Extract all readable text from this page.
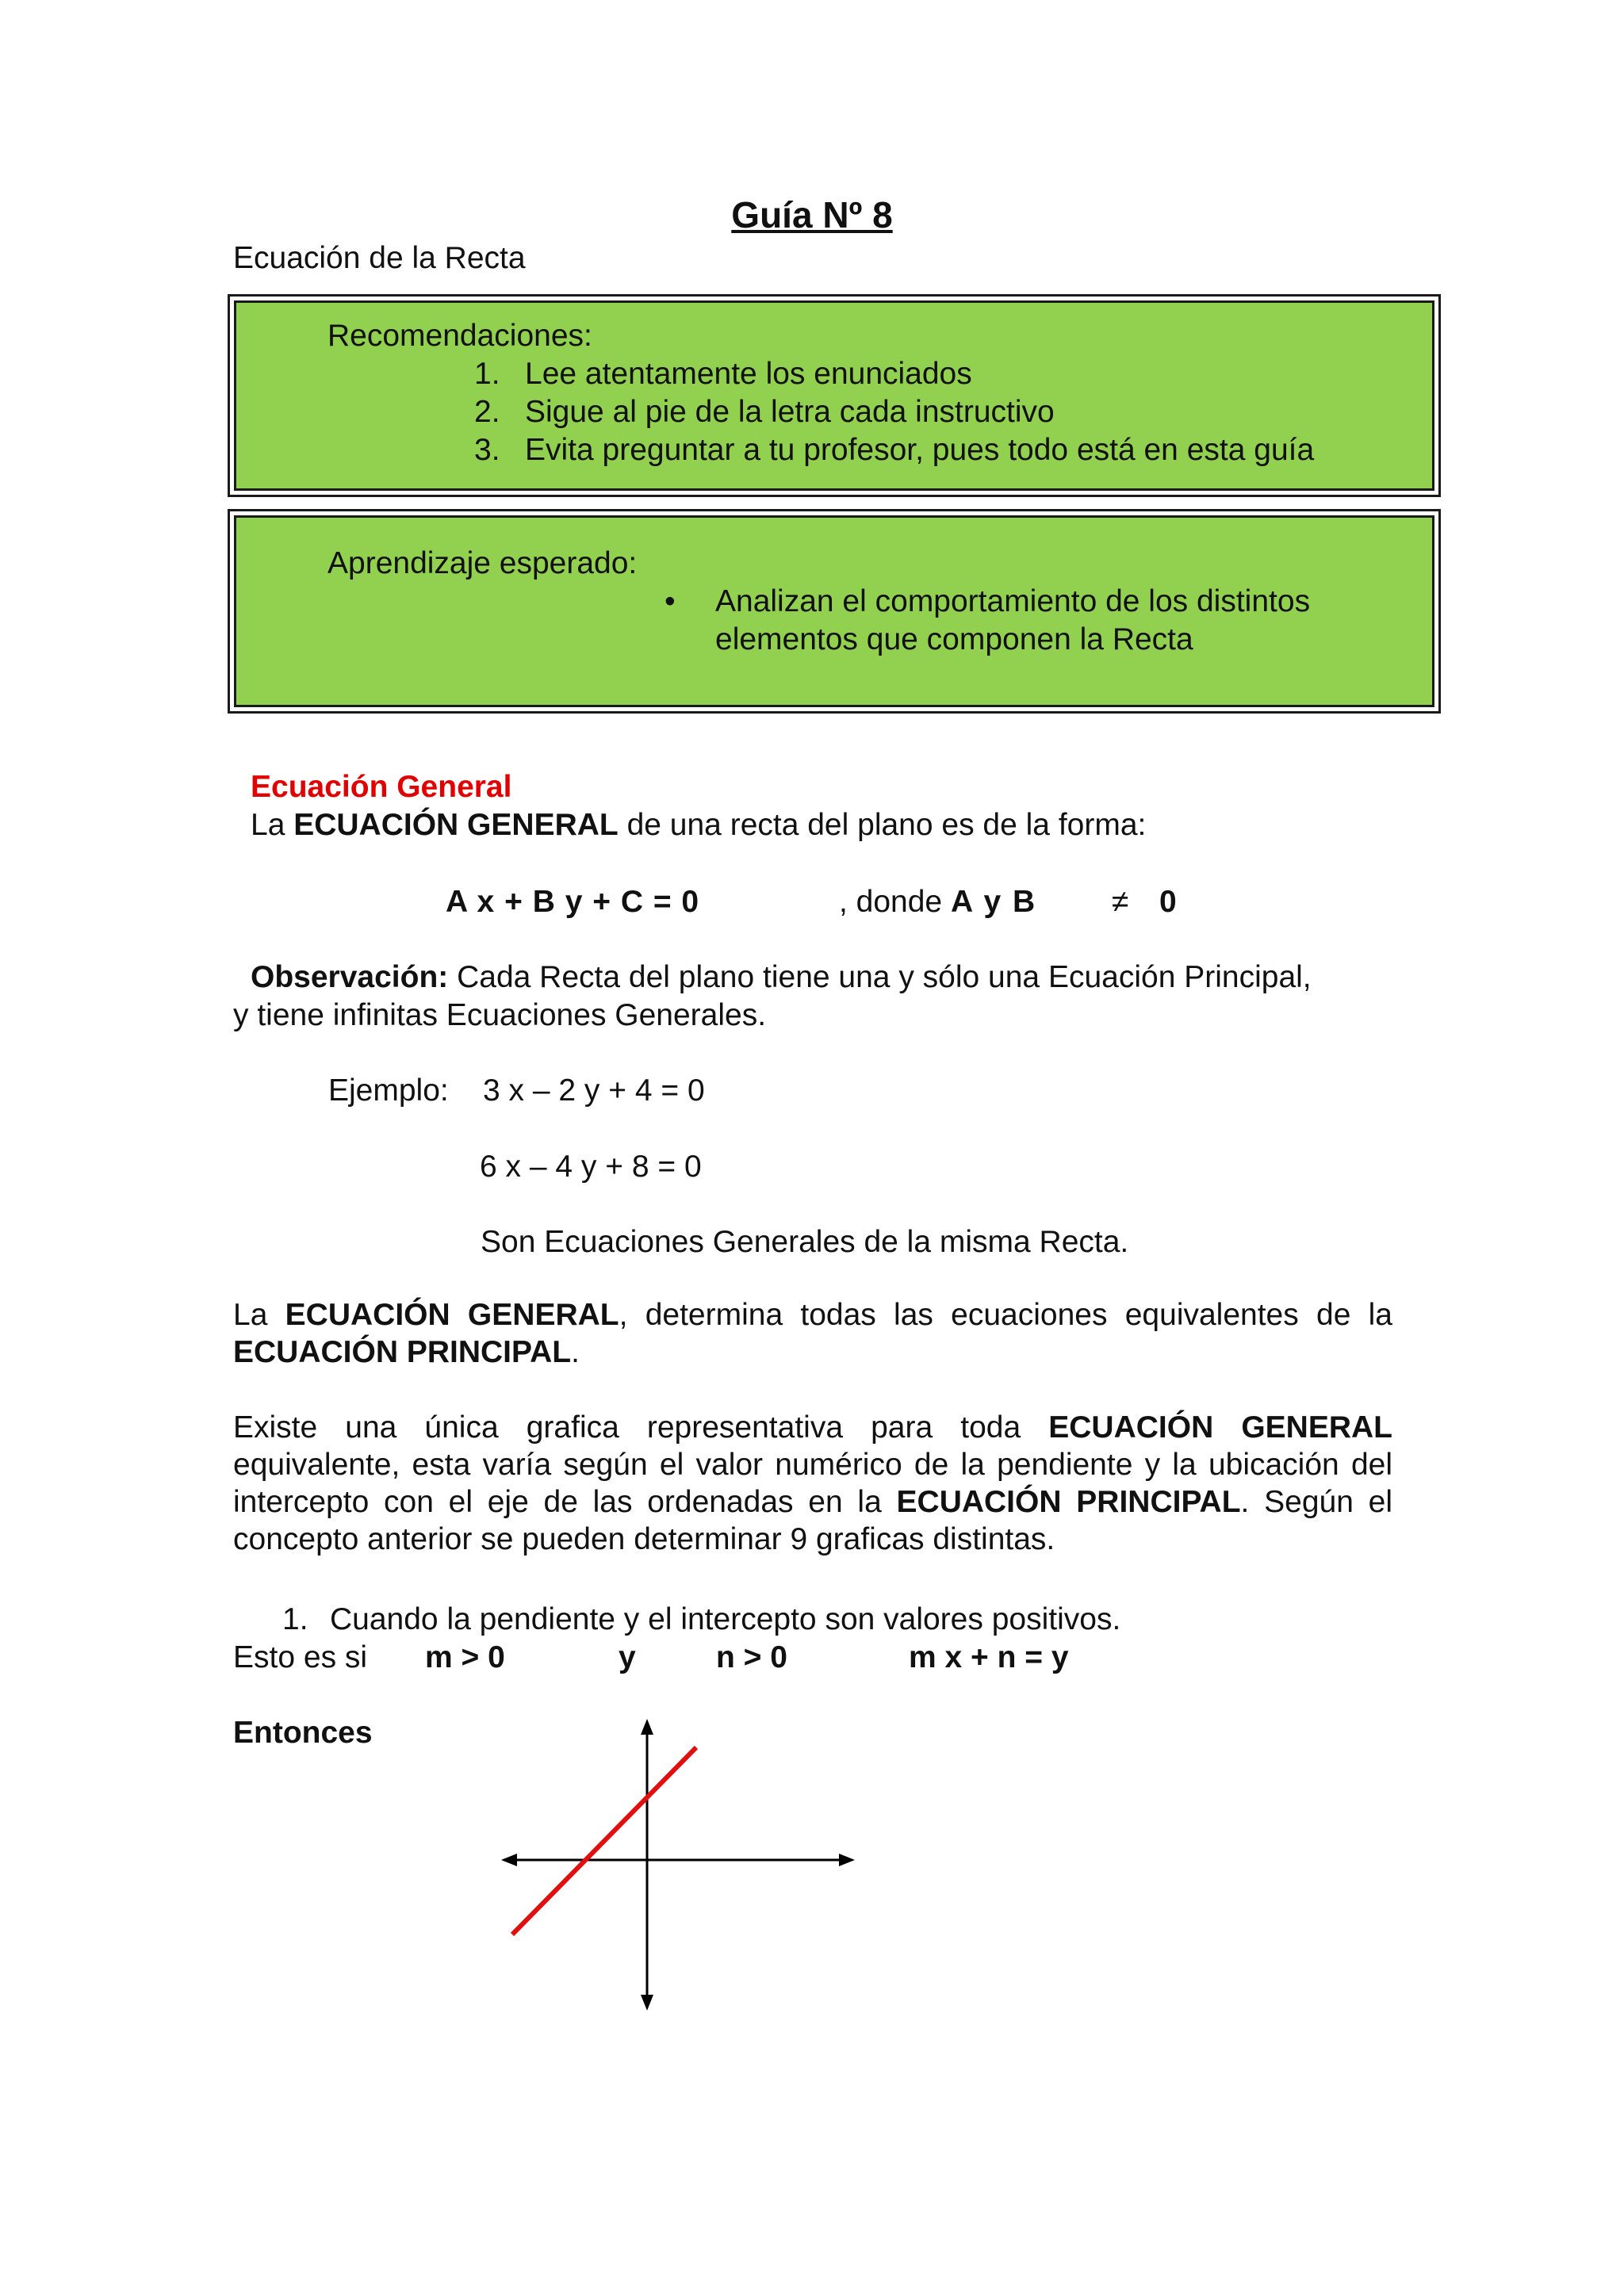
Guía Nº 8
Ecuación de la Recta
Recomendaciones:
1. Lee atentamente los enunciados
2. Sigue al pie de la letra cada instructivo
3. Evita preguntar a tu profesor, pues todo está en esta guía
Aprendizaje esperado:
• Analizan el comportamiento de los distintos
elementos que componen la Recta
Ecuación General
La ECUACIÓN GENERAL de una recta del plano es de la forma:
A x + B y + C = 0	, donde A y B ≠ 0
Observación: Cada Recta del plano tiene una y sólo una Ecuación Principal,
y tiene infinitas Ecuaciones Generales.
Ejemplo: 3 x – 2 y + 4 = 0
6 x – 4 y + 8 = 0
Son Ecuaciones Generales de la misma Recta.
La ECUACIÓN GENERAL, determina todas las ecuaciones equivalentes de la ECUACIÓN PRINCIPAL.
Existe una única grafica representativa para toda ECUACIÓN GENERAL equivalente, esta varía según el valor numérico de la pendiente y la ubicación del intercepto con el eje de las ordenadas en la ECUACIÓN PRINCIPAL. Según el concepto anterior se pueden determinar 9 graficas distintas.
1. Cuando la pendiente y el intercepto son valores positivos.
Esto es si m > 0	y	n > 0	m x + n = y
Entonces
